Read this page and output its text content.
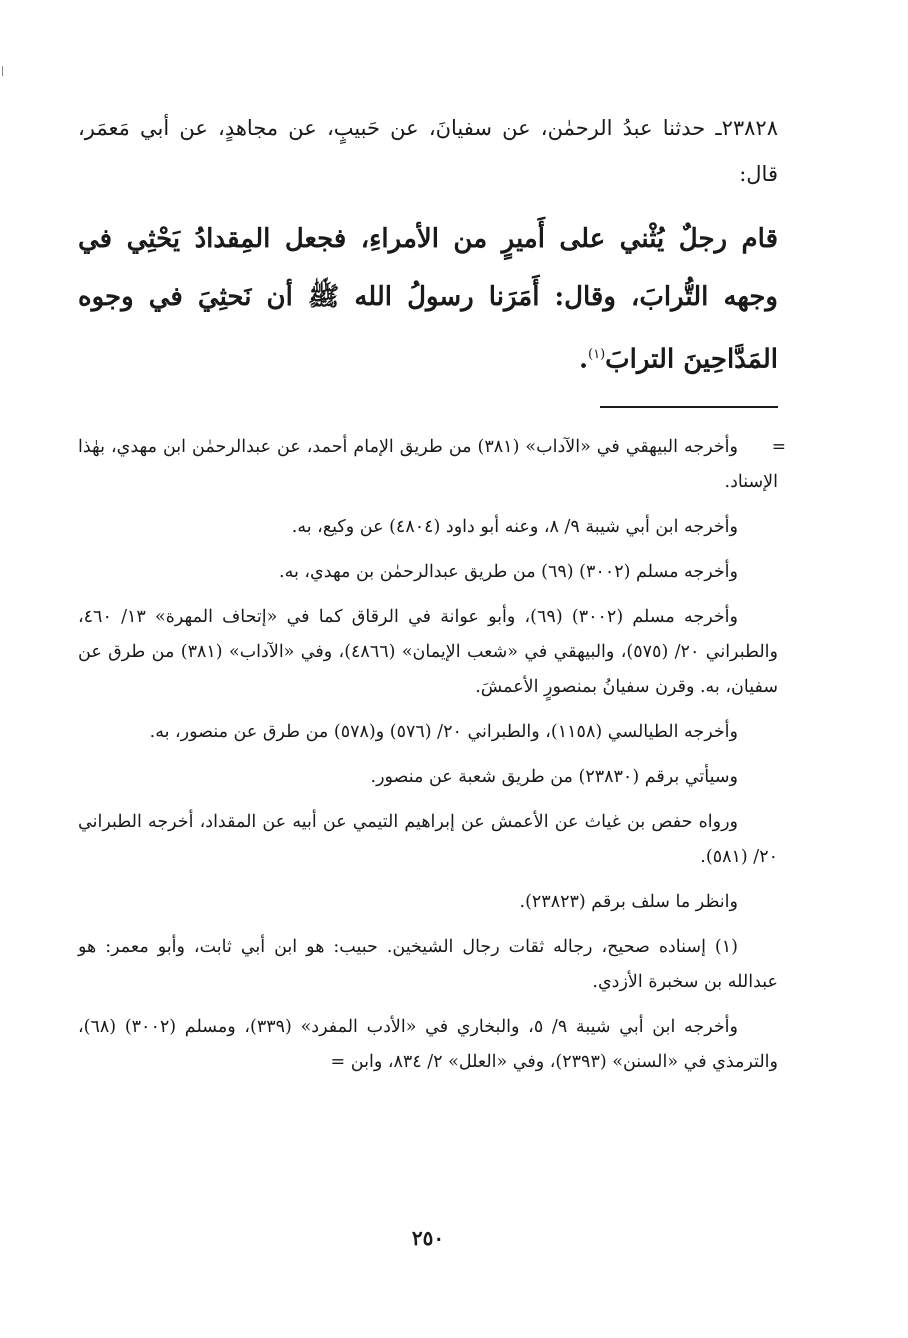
٢٣٨٢٨ـ حدثنا عبدُ الرحمٰن، عن سفيانَ، عن حَبيبٍ، عن مجاهدٍ، عن أبي مَعمَر، قال:

قام رجلٌ يُثْني على أَميرٍ من الأمراءِ، فجعل المِقدادُ يَحْثِي في وجهه التُّرابَ، وقال: أَمَرَنا رسولُ الله ﷺ أن نَحثِيَ في وجوه المَدَّاحِينَ الترابَ$^{(١)}$.

=
وأخرجه البيهقي في «الآداب» (٣٨١) من طريق الإمام أحمد، عن عبدالرحمٰن ابن مهدي، بهٰذا الإسناد.

وأخرجه ابن أبي شيبة ٩/ ٨، وعنه أبو داود (٤٨٠٤) عن وكيع، به.

وأخرجه مسلم (٣٠٠٢) (٦٩) من طريق عبدالرحمٰن بن مهدي، به.

وأخرجه مسلم (٣٠٠٢) (٦٩)، وأبو عوانة في الرقاق كما في «إتحاف المهرة» ١٣/ ٤٦٠، والطبراني ٢٠/ (٥٧٥)، والبيهقي في «شعب الإيمان» (٤٨٦٦)، وفي «الآداب» (٣٨١) من طرق عن سفيان، به. وقرن سفيانُ بمنصورٍ الأعمشَ.

وأخرجه الطيالسي (١١٥٨)، والطبراني ٢٠/ (٥٧٦) و(٥٧٨) من طرق عن منصور، به.

وسيأتي برقم (٢٣٨٣٠) من طريق شعبة عن منصور.

ورواه حفص بن غياث عن الأعمش عن إبراهيم التيمي عن أبيه عن المقداد، أخرجه الطبراني ٢٠/ (٥٨١).

وانظر ما سلف برقم (٢٣٨٢٣).

(١) إسناده صحيح، رجاله ثقات رجال الشيخين. حبيب: هو ابن أبي ثابت، وأبو معمر: هو عبدالله بن سخبرة الأزدي.

وأخرجه ابن أبي شيبة ٩/ ٥، والبخاري في «الأدب المفرد» (٣٣٩)، ومسلم (٣٠٠٢) (٦٨)، والترمذي في «السنن» (٢٣٩٣)، وفي «العلل» ٢/ ٨٣٤، وابن =

٢٥٠
